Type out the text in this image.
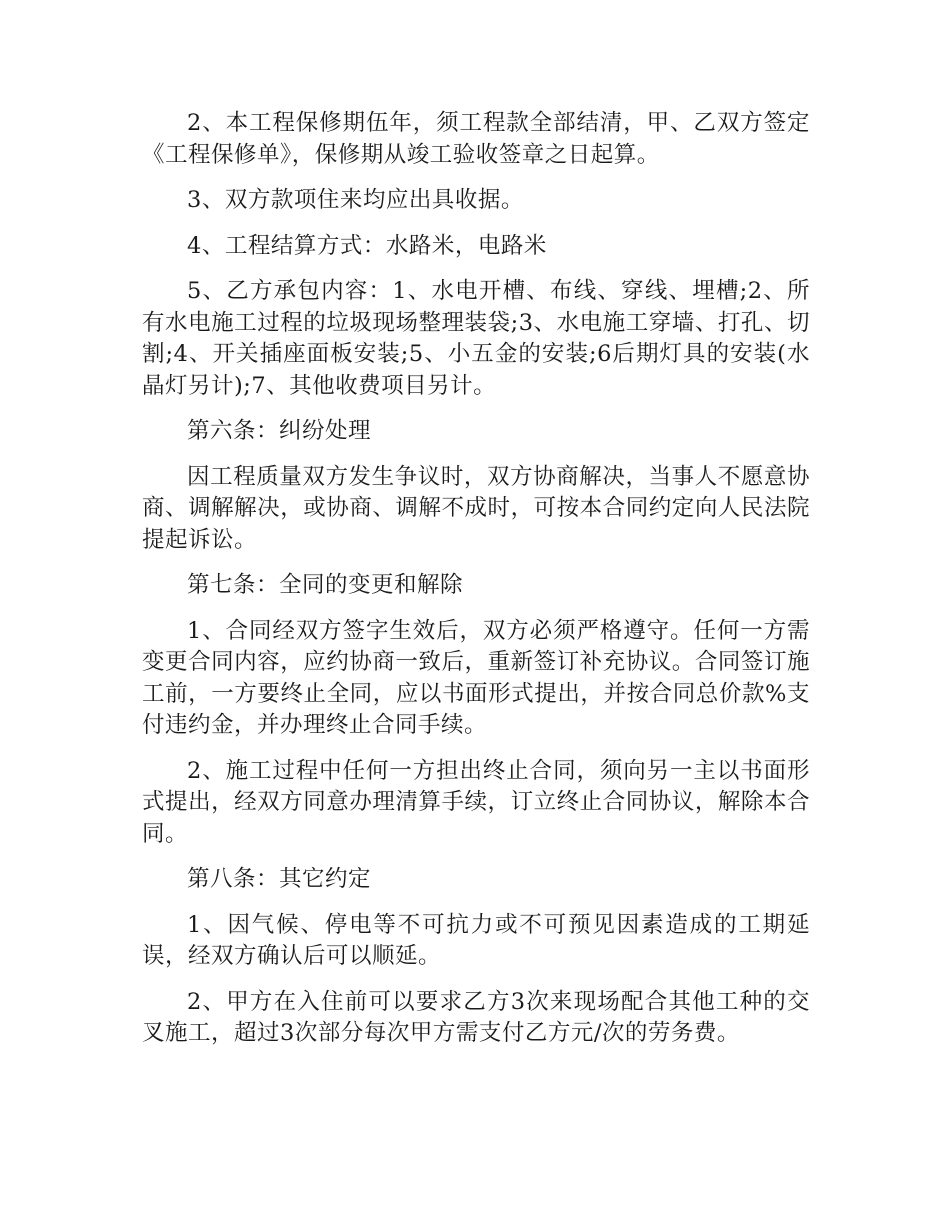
2、本工程保修期伍年，须工程款全部结清，甲、乙双方签定《工程保修单》，保修期从竣工验收签章之日起算。

3、双方款项住来均应出具收据。

4、工程结算方式：水路米，电路米

5、乙方承包内容：1、水电开槽、布线、穿线、埋槽;2、所有水电施工过程的垃圾现场整理装袋;3、水电施工穿墙、打孔、切割;4、开关插座面板安装;5、小五金的安装;6后期灯具的安装(水晶灯另计);7、其他收费项目另计。

第六条：纠纷处理

因工程质量双方发生争议时，双方协商解决，当事人不愿意协商、调解解决，或协商、调解不成时，可按本合同约定向人民法院提起诉讼。

第七条：全同的变更和解除

1、合同经双方签字生效后，双方必须严格遵守。任何一方需变更合同内容，应约协商一致后，重新签订补充协议。合同签订施工前，一方要终止全同，应以书面形式提出，并按合同总价款%支付违约金，并办理终止合同手续。

2、施工过程中任何一方担出终止合同，须向另一主以书面形式提出，经双方同意办理清算手续，订立终止合同协议，解除本合同。

第八条：其它约定

1、因气候、停电等不可抗力或不可预见因素造成的工期延误，经双方确认后可以顺延。

2、甲方在入住前可以要求乙方3次来现场配合其他工种的交叉施工，超过3次部分每次甲方需支付乙方元/次的劳务费。
